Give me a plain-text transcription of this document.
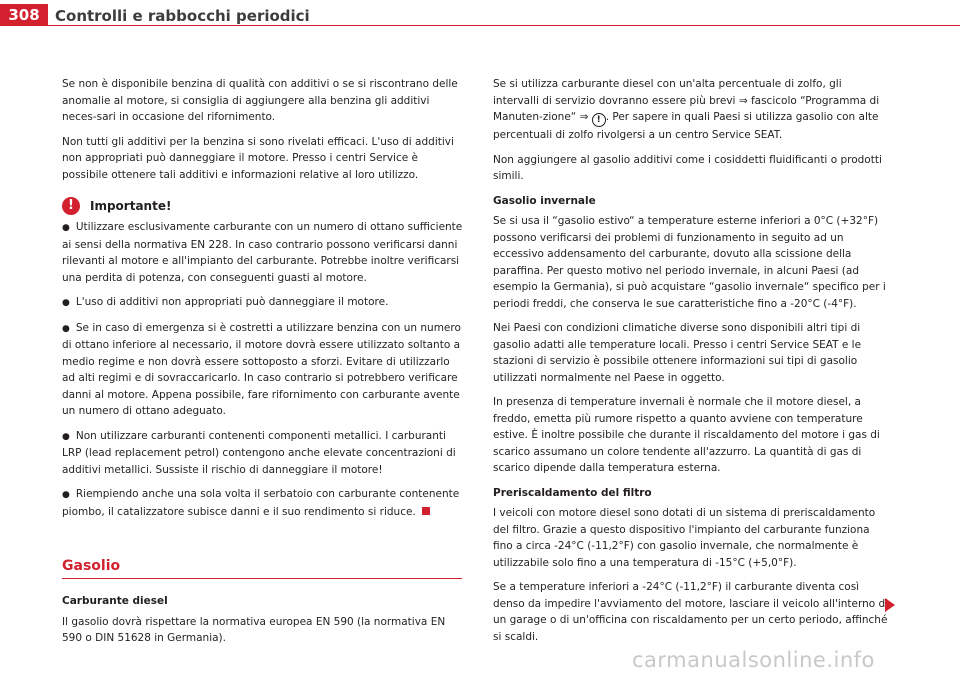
308	Controlli e rabbocchi periodici

Se non è disponibile benzina di qualità con additivi o se si riscontrano delle anomalie al motore, si consiglia di aggiungere alla benzina gli additivi neces-sari in occasione del rifornimento.

Non tutti gli additivi per la benzina si sono rivelati efficaci. L'uso di additivi non appropriati può danneggiare il motore. Presso i centri Service è possibile ottenere tali additivi e informazioni relative al loro utilizzo.

!	Importante!
● Utilizzare esclusivamente carburante con un numero di ottano sufficiente ai sensi della normativa EN 228. In caso contrario possono verificarsi danni rilevanti al motore e all'impianto del carburante. Potrebbe inoltre verificarsi una perdita di potenza, con conseguenti guasti al motore.
● L'uso di additivi non appropriati può danneggiare il motore.
● Se in caso di emergenza si è costretti a utilizzare benzina con un numero di ottano inferiore al necessario, il motore dovrà essere utilizzato soltanto a medio regime e non dovrà essere sottoposto a sforzi. Evitare di utilizzarlo ad alti regimi e di sovraccaricarlo. In caso contrario si potrebbero verificare danni al motore. Appena possibile, fare rifornimento con carburante avente un numero di ottano adeguato.
● Non utilizzare carburanti contenenti componenti metallici. I carburanti LRP (lead replacement petrol) contengono anche elevate concentrazioni di additivi metallici. Sussiste il rischio di danneggiare il motore!
● Riempiendo anche una sola volta il serbatoio con carburante contenente piombo, il catalizzatore subisce danni e il suo rendimento si riduce.
Gasolio
Carburante diesel

Il gasolio dovrà rispettare la normativa europea EN 590 (la normativa EN 590 o DIN 51628 in Germania).

Se si utilizza carburante diesel con un'alta percentuale di zolfo, gli intervalli di servizio dovranno essere più brevi ⇒ fascicolo “Programma di Manuten-zione“ ⇒ ! . Per sapere in quali Paesi si utilizza gasolio con alte percentuali di zolfo rivolgersi a un centro Service SEAT.

Non aggiungere al gasolio additivi come i cosiddetti fluidificanti o prodotti simili.

Gasolio invernale

Se si usa il “gasolio estivo“ a temperature esterne inferiori a 0°C (+32°F) possono verificarsi dei problemi di funzionamento in seguito ad un eccessivo addensamento del carburante, dovuto alla scissione della paraffina. Per questo motivo nel periodo invernale, in alcuni Paesi (ad esempio la Germania), si può acquistare “gasolio invernale“ specifico per i periodi freddi, che conserva le sue caratteristiche fino a -20°C (-4°F).

Nei Paesi con condizioni climatiche diverse sono disponibili altri tipi di gasolio adatti alle temperature locali. Presso i centri Service SEAT e le stazioni di servizio è possibile ottenere informazioni sui tipi di gasolio utilizzati normalmente nel Paese in oggetto.

In presenza di temperature invernali è normale che il motore diesel, a freddo, emetta più rumore rispetto a quanto avviene con temperature estive. È inoltre possibile che durante il riscaldamento del motore i gas di scarico assumano un colore tendente all'azzurro. La quantità di gas di scarico dipende dalla temperatura esterna.

Preriscaldamento del filtro

I veicoli con motore diesel sono dotati di un sistema di preriscaldamento del filtro. Grazie a questo dispositivo l'impianto del carburante funziona fino a circa -24°C (-11,2°F) con gasolio invernale, che normalmente è utilizzabile solo fino a una temperatura di -15°C (+5,0°F).

Se a temperature inferiori a -24°C (-11,2°F) il carburante diventa così denso da impedire l'avviamento del motore, lasciare il veicolo all'interno di un garage o di un'officina con riscaldamento per un certo periodo, affinché si scaldi.

carmanualsonline.info
